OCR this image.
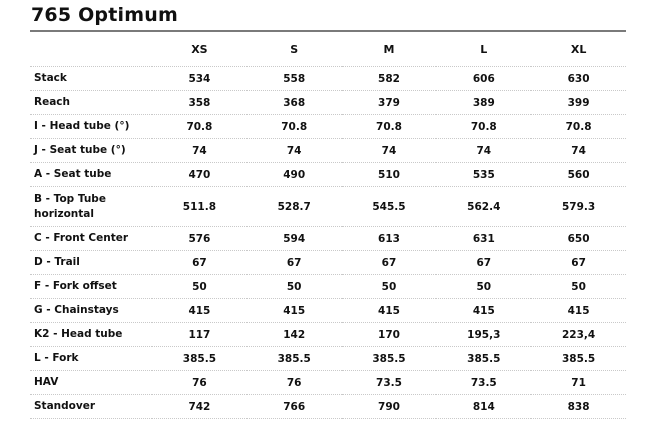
765 Optimum
	XS	S	M	L	XL
Stack	534	558	582	606	630
Reach	358	368	379	389	399
I - Head tube (°)	70.8	70.8	70.8	70.8	70.8
J - Seat tube (°)	74	74	74	74	74
A - Seat tube	470	490	510	535	560
B - Top Tube
horizontal	511.8	528.7	545.5	562.4	579.3
C - Front Center	576	594	613	631	650
D - Trail	67	67	67	67	67
F - Fork offset	50	50	50	50	50
G - Chainstays	415	415	415	415	415
K2 - Head tube	117	142	170	195,3	223,4
L - Fork	385.5	385.5	385.5	385.5	385.5
HAV	76	76	73.5	73.5	71
Standover	742	766	790	814	838
